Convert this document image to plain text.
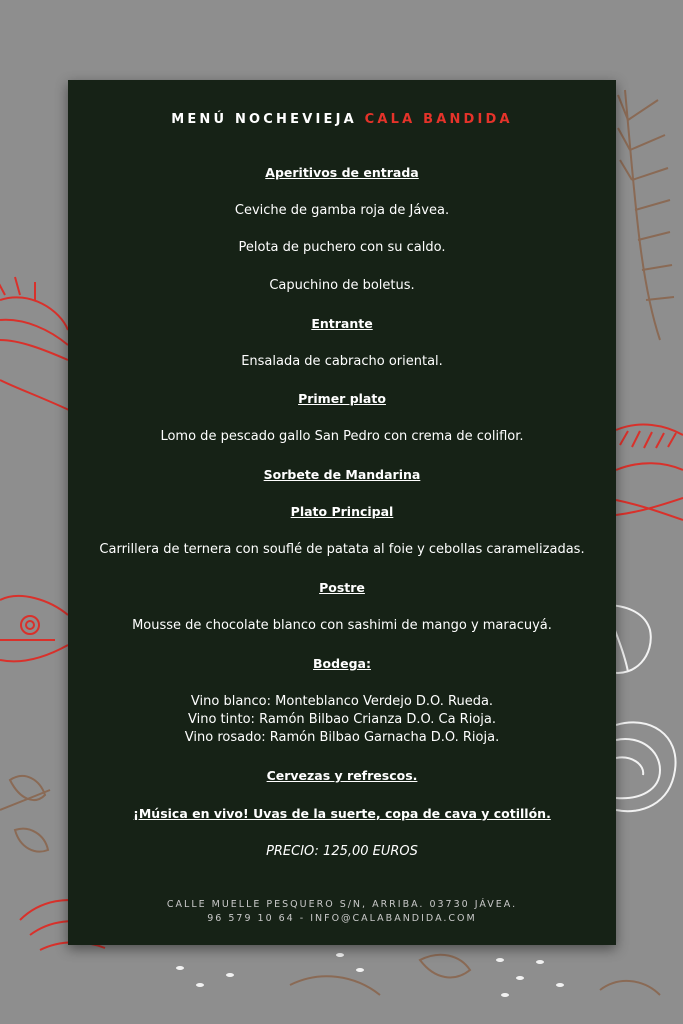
MENÚ NOCHEVIEJA CALA BANDIDA
Aperitivos de entrada
Ceviche de gamba roja de Jávea.
Pelota de puchero con su caldo.
Capuchino de boletus.
Entrante
Ensalada de cabracho oriental.
Primer plato
Lomo de pescado gallo San Pedro con crema de coliflor.
Sorbete de Mandarina
Plato Principal
Carrillera de ternera con souflé de patata al foie y cebollas caramelizadas.
Postre
Mousse de chocolate blanco con sashimi de mango y maracuyá.
Bodega:
Vino blanco: Monteblanco Verdejo D.O. Rueda.
Vino tinto: Ramón Bilbao Crianza D.O. Ca Rioja.
Vino rosado: Ramón Bilbao Garnacha D.O. Rioja.
Cervezas y refrescos.
¡Música en vivo! Uvas de la suerte, copa de cava y cotillón.
PRECIO: 125,00 EUROS
CALLE MUELLE PESQUERO S/N, ARRIBA. 03730 JÁVEA.
96 579 10 64 - INFO@CALABANDIDA.COM
